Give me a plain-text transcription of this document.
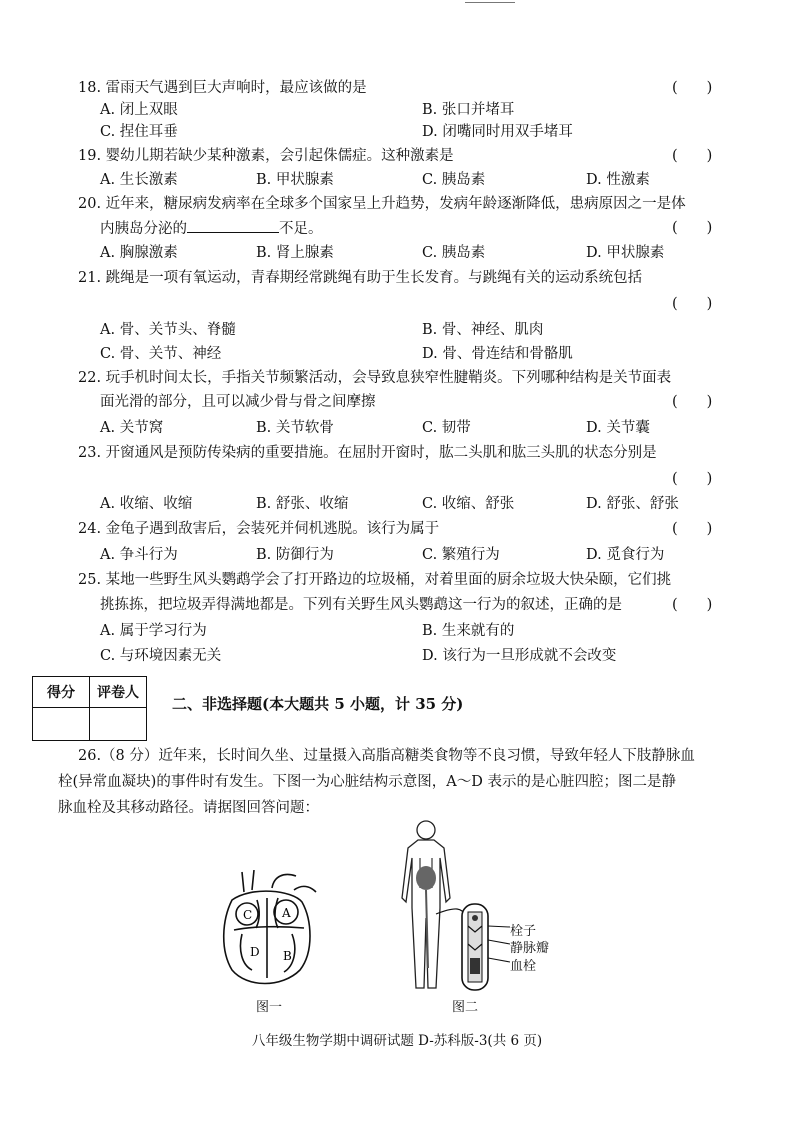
18. 雷雨天气遇到巨大声响时，最应该做的是	(　　)
A. 闭上双眼	B. 张口并堵耳
C. 捏住耳垂	D. 闭嘴同时用双手堵耳
19. 婴幼儿期若缺少某种激素，会引起侏儒症。这种激素是	(　　)
A. 生长激素	B. 甲状腺素	C. 胰岛素	D. 性激素
20. 近年来，糖尿病发病率在全球多个国家呈上升趋势，发病年龄逐渐降低，患病原因之一是体
内胰岛分泌的	不足。	(　　)
A. 胸腺激素	B. 肾上腺素	C. 胰岛素	D. 甲状腺素
21. 跳绳是一项有氧运动，青春期经常跳绳有助于生长发育。与跳绳有关的运动系统包括
(　　)
A. 骨、关节头、脊髓	B. 骨、神经、肌肉
C. 骨、关节、神经	D. 骨、骨连结和骨骼肌
22. 玩手机时间太长，手指关节频繁活动，会导致息狭窄性腱鞘炎。下列哪种结构是关节面表
面光滑的部分，且可以减少骨与骨之间摩擦	(　　)
A. 关节窝	B. 关节软骨	C. 韧带	D. 关节囊
23. 开窗通风是预防传染病的重要措施。在屈肘开窗时，肱二头肌和肱三头肌的状态分别是
(　　)
A. 收缩、收缩	B. 舒张、收缩	C. 收缩、舒张	D. 舒张、舒张
24. 金龟子遇到敌害后，会装死并伺机逃脱。该行为属于	(　　)
A. 争斗行为	B. 防御行为	C. 繁殖行为	D. 觅食行为
25. 某地一些野生风头鹦鹉学会了打开路边的垃圾桶，对着里面的厨余垃圾大快朵颐，它们挑
挑拣拣，把垃圾弄得满地都是。下列有关野生风头鹦鹉这一行为的叙述，正确的是	(　　)
A. 属于学习行为	B. 生来就有的
C. 与环境因素无关	D. 该行为一旦形成就不会改变
得分	评卷人

二、非选择题(本大题共 5 小题，计 35 分)
26.（8 分）近年来，长时间久坐、过量摄入高脂高糖类食物等不良习惯，导致年轻人下肢静脉血
栓(异常血凝块)的事件时有发生。下图一为心脏结构示意图，A～D 表示的是心脏四腔；图二是静
脉血栓及其移动路径。请据图回答问题：
C A
D B
图一
栓子
静脉瓣
血栓
图二
八年级生物学期中调研试题 D-苏科版-3(共 6 页)
